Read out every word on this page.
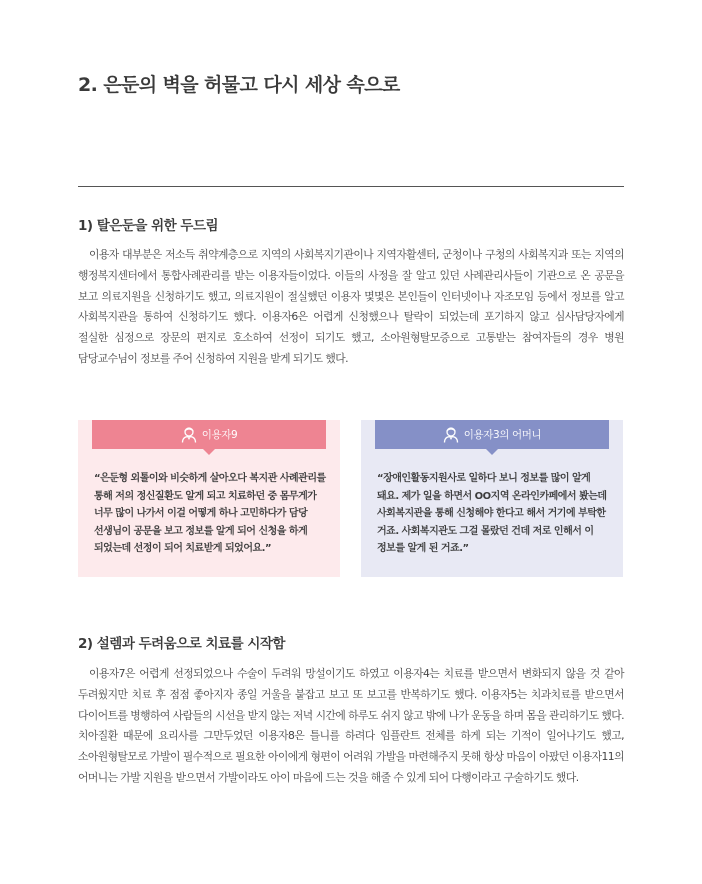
2. 은둔의 벽을 허물고 다시 세상 속으로
1) 탈은둔을 위한 두드림
이용자 대부분은 저소득 취약계층으로 지역의 사회복지기관이나 지역자활센터, 군청이나 구청의 사회복지과 또는 지역의 행정복지센터에서 통합사례관리를 받는 이용자들이었다. 이들의 사정을 잘 알고 있던 사례관리사들이 기관으로 온 공문을 보고 의료지원을 신청하기도 했고, 의료지원이 절실했던 이용자 몇몇은 본인들이 인터넷이나 자조모임 등에서 정보를 알고 사회복지관을 통하여 신청하기도 했다. 이용자6은 어렵게 신청했으나 탈락이 되었는데 포기하지 않고 심사담당자에게 절실한 심정으로 장문의 편지로 호소하여 선정이 되기도 했고, 소아원형탈모증으로 고통받는 참여자들의 경우 병원 담당교수님이 정보를 주어 신청하여 지원을 받게 되기도 했다.
이용자9
“은둔형 외톨이와 비슷하게 살아오다 복지관 사례관리를 통해 저의 정신질환도 알게 되고 치료하던 중 몸무게가 너무 많이 나가서 이걸 어떻게 하나 고민하다가 담당 선생님이 공문을 보고 정보를 알게 되어 신청을 하게 되었는데 선정이 되어 치료받게 되었어요.”
이용자3의 어머니
“장애인활동지원사로 일하다 보니 정보를 많이 알게 돼요. 제가 일을 하면서 OO지역 온라인카페에서 봤는데 사회복지관을 통해 신청해야 한다고 해서 거기에 부탁한 거죠. 사회복지관도 그걸 몰랐던 건데 저로 인해서 이 정보를 알게 된 거죠.”
2) 설렘과 두려움으로 치료를 시작함
이용자7은 어렵게 선정되었으나 수술이 두려워 망설이기도 하였고 이용자4는 치료를 받으면서 변화되지 않을 것 같아 두려웠지만 치료 후 점점 좋아지자 종일 거울을 붙잡고 보고 또 보고를 반복하기도 했다. 이용자5는 치과치료를 받으면서 다이어트를 병행하여 사람들의 시선을 받지 않는 저녁 시간에 하루도 쉬지 않고 밖에 나가 운동을 하며 몸을 관리하기도 했다. 치아질환 때문에 요리사를 그만두었던 이용자8은 틀니를 하려다 임플란트 전체를 하게 되는 기적이 일어나기도 했고, 소아원형탈모로 가발이 필수적으로 필요한 아이에게 형편이 어려워 가발을 마련해주지 못해 항상 마음이 아팠던 이용자11의 어머니는 가발 지원을 받으면서 가발이라도 아이 마음에 드는 것을 해줄 수 있게 되어 다행이라고 구술하기도 했다.
